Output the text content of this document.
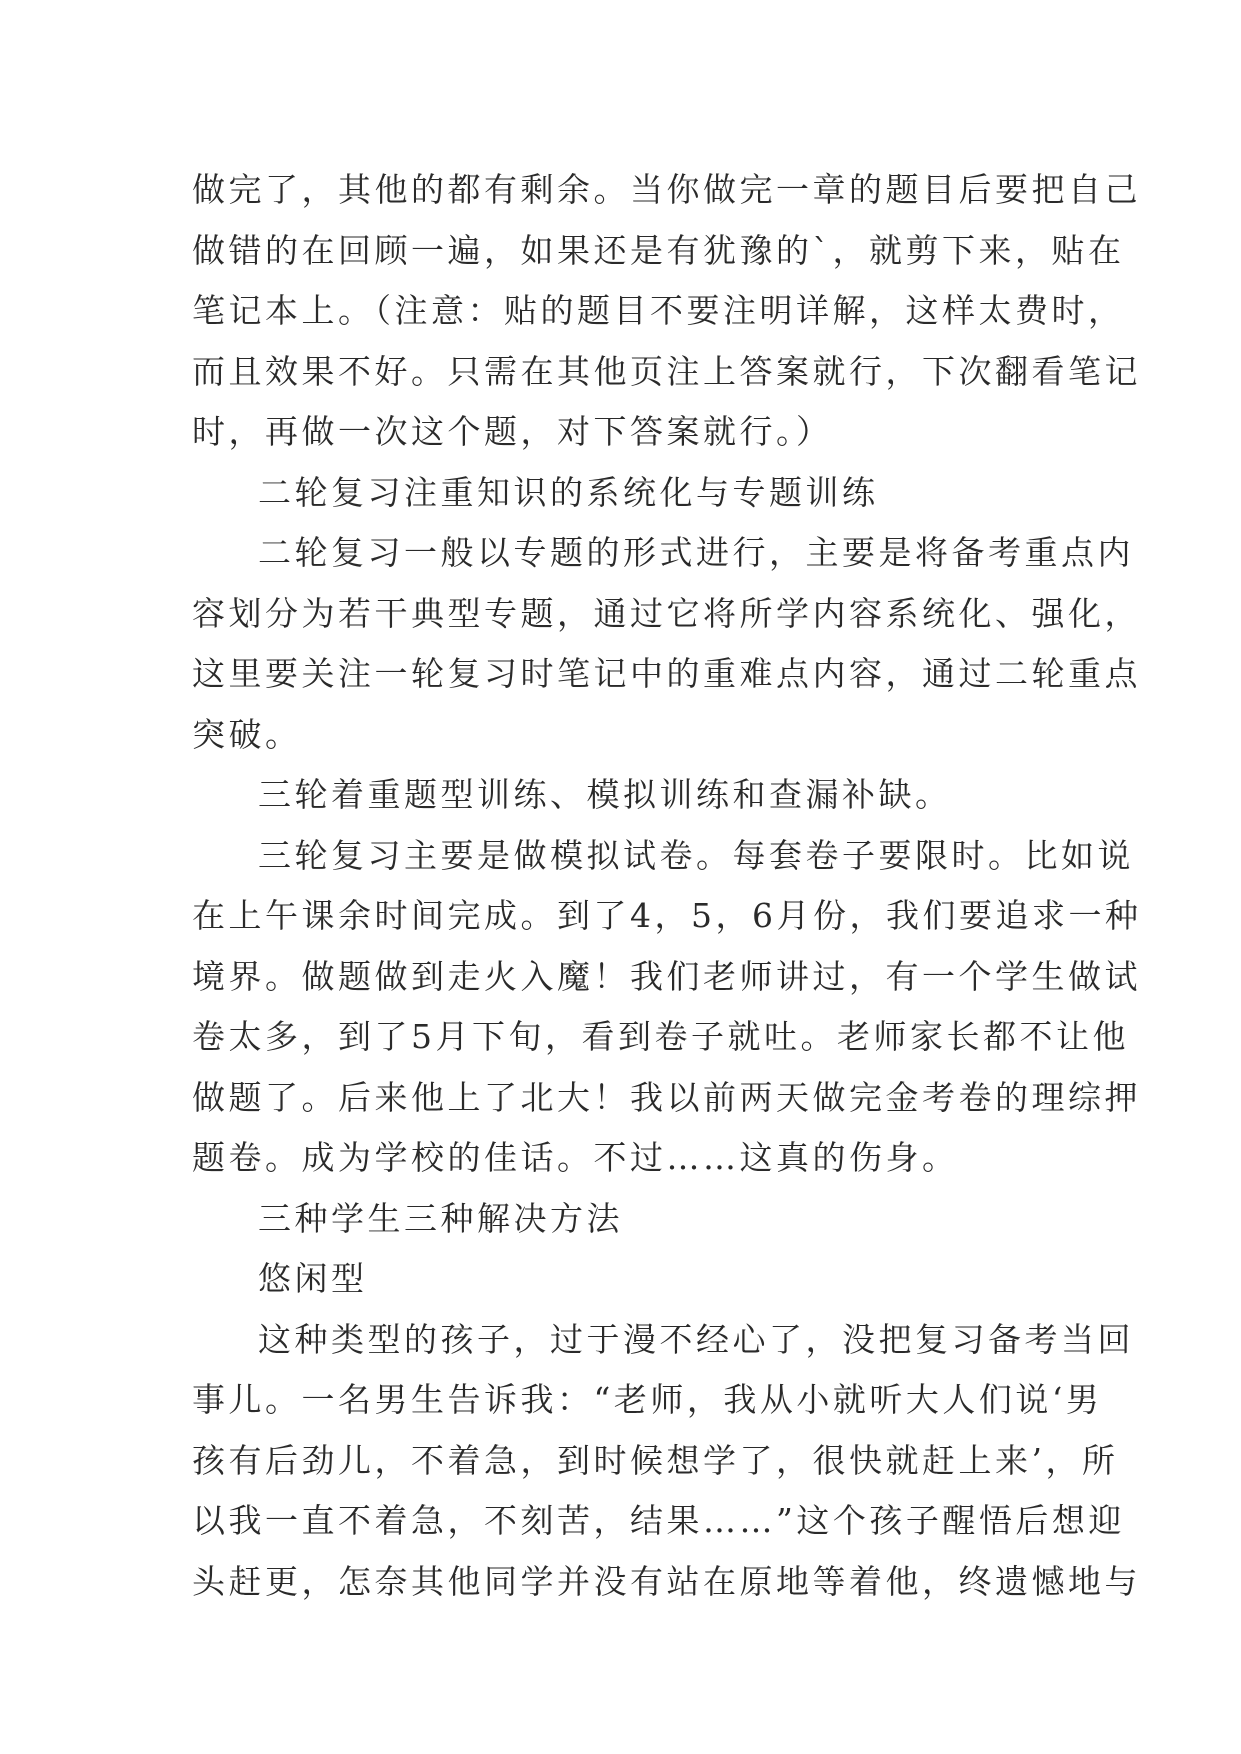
做完了，其他的都有剩余。当你做完一章的题目后要把自己
做错的在回顾一遍，如果还是有犹豫的`，就剪下来，贴在
笔记本上。（注意：贴的题目不要注明详解，这样太费时，
而且效果不好。只需在其他页注上答案就行，下次翻看笔记
时，再做一次这个题，对下答案就行。）
二轮复习注重知识的系统化与专题训练
二轮复习一般以专题的形式进行，主要是将备考重点内
容划分为若干典型专题，通过它将所学内容系统化、强化，
这里要关注一轮复习时笔记中的重难点内容，通过二轮重点
突破。
三轮着重题型训练、模拟训练和查漏补缺。
三轮复习主要是做模拟试卷。每套卷子要限时。比如说
在上午课余时间完成。到了4，5，6月份，我们要追求一种
境界。做题做到走火入魔！我们老师讲过，有一个学生做试
卷太多，到了5月下旬，看到卷子就吐。老师家长都不让他
做题了。后来他上了北大！我以前两天做完金考卷的理综押
题卷。成为学校的佳话。不过……这真的伤身。
三种学生三种解决方法
悠闲型
这种类型的孩子，过于漫不经心了，没把复习备考当回
事儿。一名男生告诉我：“老师，我从小就听大人们说‘男
孩有后劲儿，不着急，到时候想学了，很快就赶上来’，所
以我一直不着急，不刻苦，结果……”这个孩子醒悟后想迎
头赶更，怎奈其他同学并没有站在原地等着他，终遗憾地与
